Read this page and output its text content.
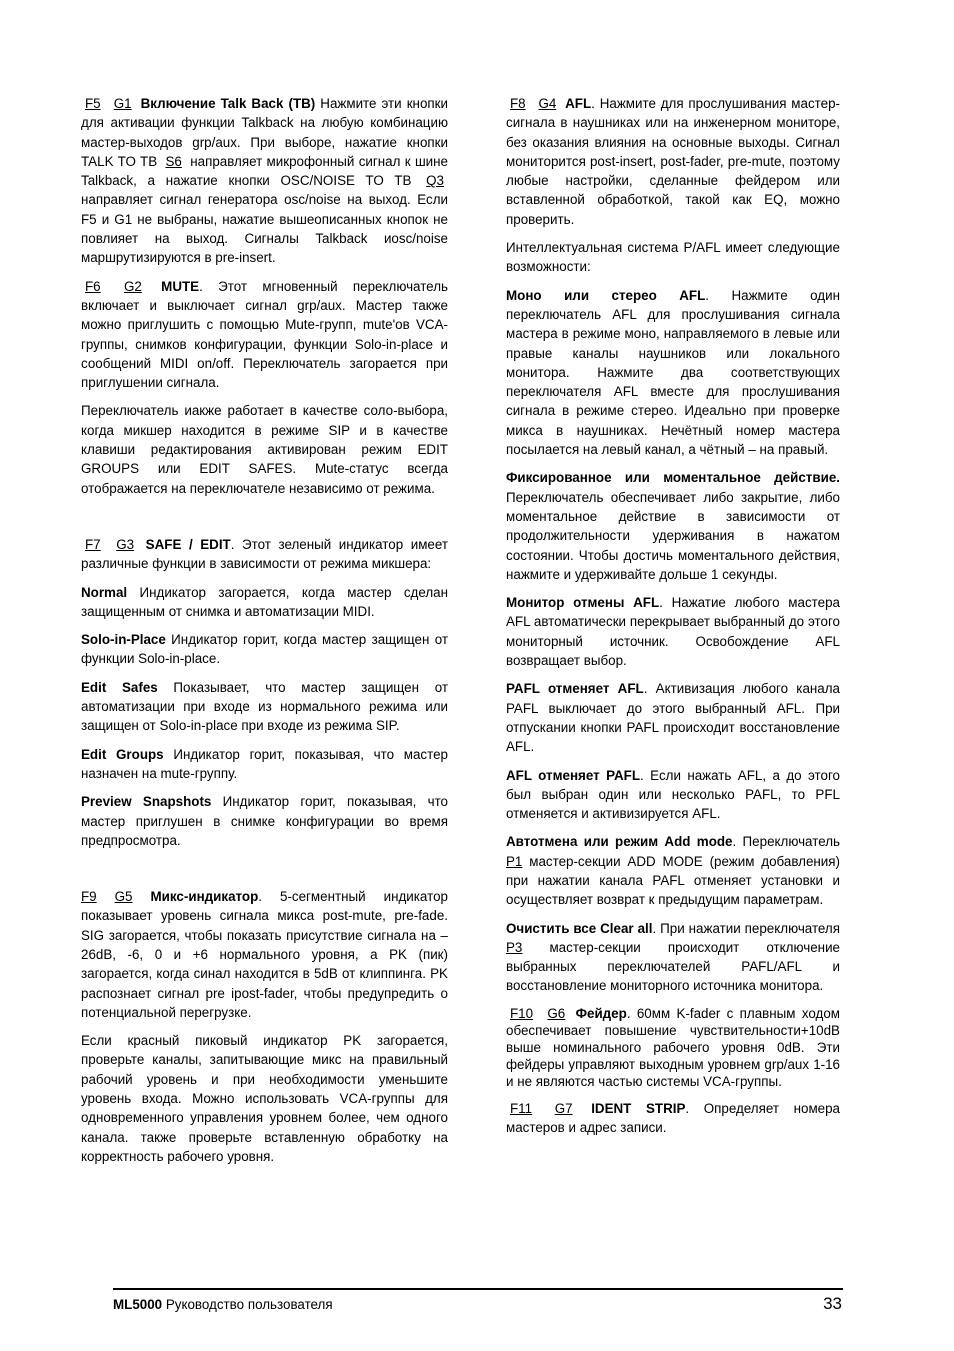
F5 G1 Включение Talk Back (TB) Нажмите эти кнопки для активации функции Talkback на любую комбинацию мастер-выходов grp/aux. При выборе, нажатие кнопки TALK TO TB S6 направляет микрофонный сигнал к шине Talkback, а нажатие кнопки OSC/NOISE TO TB Q3 направляет сигнал генератора osc/noise на выход. Если F5 и G1 не выбраны, нажатие вышеописанных кнопок не повлияет на выход. Сигналы Talkback иosc/noise маршрутизируются в pre-insert.

F6 G2 MUTE. Этот мгновенный переключатель включает и выключает сигнал grp/aux. Мастер также можно приглушить с помощью Mute-групп, mute'ов VCA-группы, снимков конфигурации, функции Solo-in-place и сообщений MIDI on/off. Переключатель загорается при приглушении сигнала.

Переключатель иакже работает в качестве соло-выбора, когда микшер находится в режиме SIP и в качестве клавиши редактирования активирован режим EDIT GROUPS или EDIT SAFES. Mute-статус всегда отображается на переключателе независимо от режима.

F7 G3 SAFE / EDIT. Этот зеленый индикатор имеет различные функции в зависимости от режима микшера:

Normal Индикатор загорается, когда мастер сделан защищенным от снимка и автоматизации MIDI.

Solo-in-Place Индикатор горит, когда мастер защищен от функции Solo-in-place.

Edit Safes Показывает, что мастер защищен от автоматизации при входе из нормального режима или защищен от Solo-in-place при входе из режима SIP.

Edit Groups Индикатор горит, показывая, что мастер назначен на mute-группу.

Preview Snapshots Индикатор горит, показывая, что мастер приглушен в снимке конфигурации во время предпросмотра.

F9 G5 Микс-индикатор. 5-сегментный индикатор показывает уровень сигнала микса post-mute, pre-fade. SIG загорается, чтобы показать присутствие сигнала на –26dB, -6, 0 и +6 нормального уровня, а PK (пик) загорается, когда синал находится в 5dB от клиппинга. PK распознает сигнал pre ipost-fader, чтобы предупредить о потенциальной перегрузке.

Если красный пиковый индикатор PK загорается, проверьте каналы, запитывающие микс на правильный рабочий уровень и при необходимости уменьшите уровень входа. Можно использовать VCA-группы для одновременного управления уровнем более, чем одного канала. также проверьте вставленную обработку на корректность рабочего уровня.

F8 G4 AFL. Нажмите для прослушивания мастер-сигнала в наушниках или на инженерном мониторе, без оказания влияния на основные выходы. Сигнал мониторится post-insert, post-fader, pre-mute, поэтому любые настройки, сделанные фейдером или вставленной обработкой, такой как EQ, можно проверить.

Интеллектуальная система P/AFL имеет следующие возможности:

Моно или стерео AFL. Нажмите один переключатель AFL для прослушивания сигнала мастера в режиме моно, направляемого в левые или правые каналы наушников или локального монитора. Нажмите два соответствующих переключателя AFL вместе для прослушивания сигнала в режиме стерео. Идеально при проверке микса в наушниках. Нечётный номер мастера посылается на левый канал, а чётный – на правый.

Фиксированное или моментальное действие. Переключатель обеспечивает либо закрытие, либо моментальное действие в зависимости от продолжительности удерживания в нажатом состоянии. Чтобы достичь моментального действия, нажмите и удерживайте дольше 1 секунды.

Монитор отмены AFL. Нажатие любого мастера AFL автоматически перекрывает выбранный до этого мониторный источник. Освобождение AFL возвращает выбор.

PAFL отменяет AFL. Активизация любого канала PAFL выключает до этого выбранный AFL. При отпускании кнопки PAFL происходит восстановление AFL.

AFL отменяет PAFL. Если нажать AFL, а до этого был выбран один или несколько PAFL, то PFL отменяется и активизируется AFL.

Автотмена или режим Add mode. Переключатель P1 мастер-секции ADD MODE (режим добавления) при нажатии канала PAFL отменяет установки и осуществляет возврат к предыдущим параметрам.

Очистить все Clear all. При нажатии переключателя P3 мастер-секции происходит отключение выбранных переключателей PAFL/AFL и восстановление мониторного источника монитора.

F10 G6 Фейдер. 60мм K-fader с плавным ходом обеспечивает повышение чувствительности+10dB выше номинального рабочего уровня 0dB. Эти фейдеры управляют выходным уровнем grp/aux 1-16 и не являются частью системы VCA-группы.

F11 G7 IDENT STRIP. Определяет номера мастеров и адрес записи.

ML5000 Руководство пользователя	33
